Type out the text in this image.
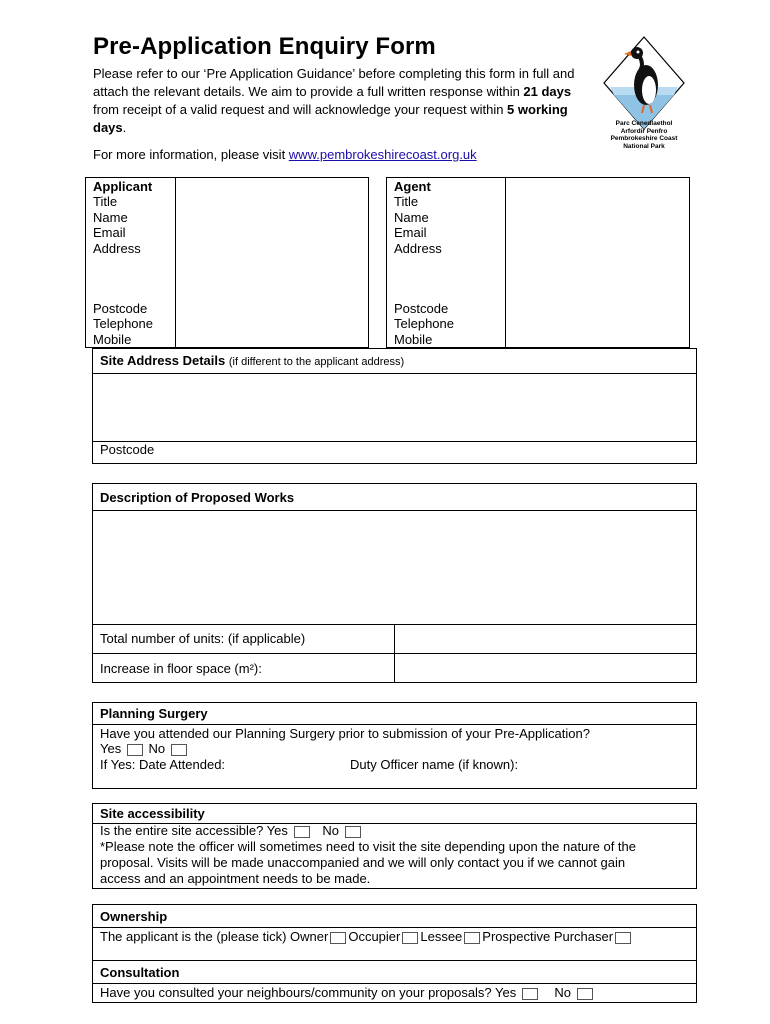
Pre-Application Enquiry Form
Please refer to our ‘Pre Application Guidance’ before completing this form in full and attach the relevant details. We aim to provide a full written response within 21 days from receipt of a valid request and will acknowledge your request within 5 working days.
For more information, please visit www.pembrokeshirecoast.org.uk
Parc Cenedlaethol
Arfordir Penfro
Pembrokeshire Coast
National Park
Applicant
Title
Name
Email
Address
Postcode
Telephone
Mobile
Agent
Title
Name
Email
Address
Postcode
Telephone
Mobile
Site Address Details (if different to the applicant address)
Postcode
Description of Proposed Works
Total number of units: (if applicable)
Increase in floor space (m²):
Planning Surgery
Have you attended our Planning Surgery prior to submission of your Pre-Application?
Yes No
If Yes: Date Attended:	Duty Officer name (if known):
Site accessibility
Is the entire site accessible? Yes	No
*Please note the officer will sometimes need to visit the site depending upon the nature of the
proposal. Visits will be made unaccompanied and we will only contact you if we cannot gain
access and an appointment needs to be made.
Ownership
The applicant is the (please tick) Owner Occupier Lessee Prospective Purchaser
Consultation
Have you consulted your neighbours/community on your proposals? Yes	No
